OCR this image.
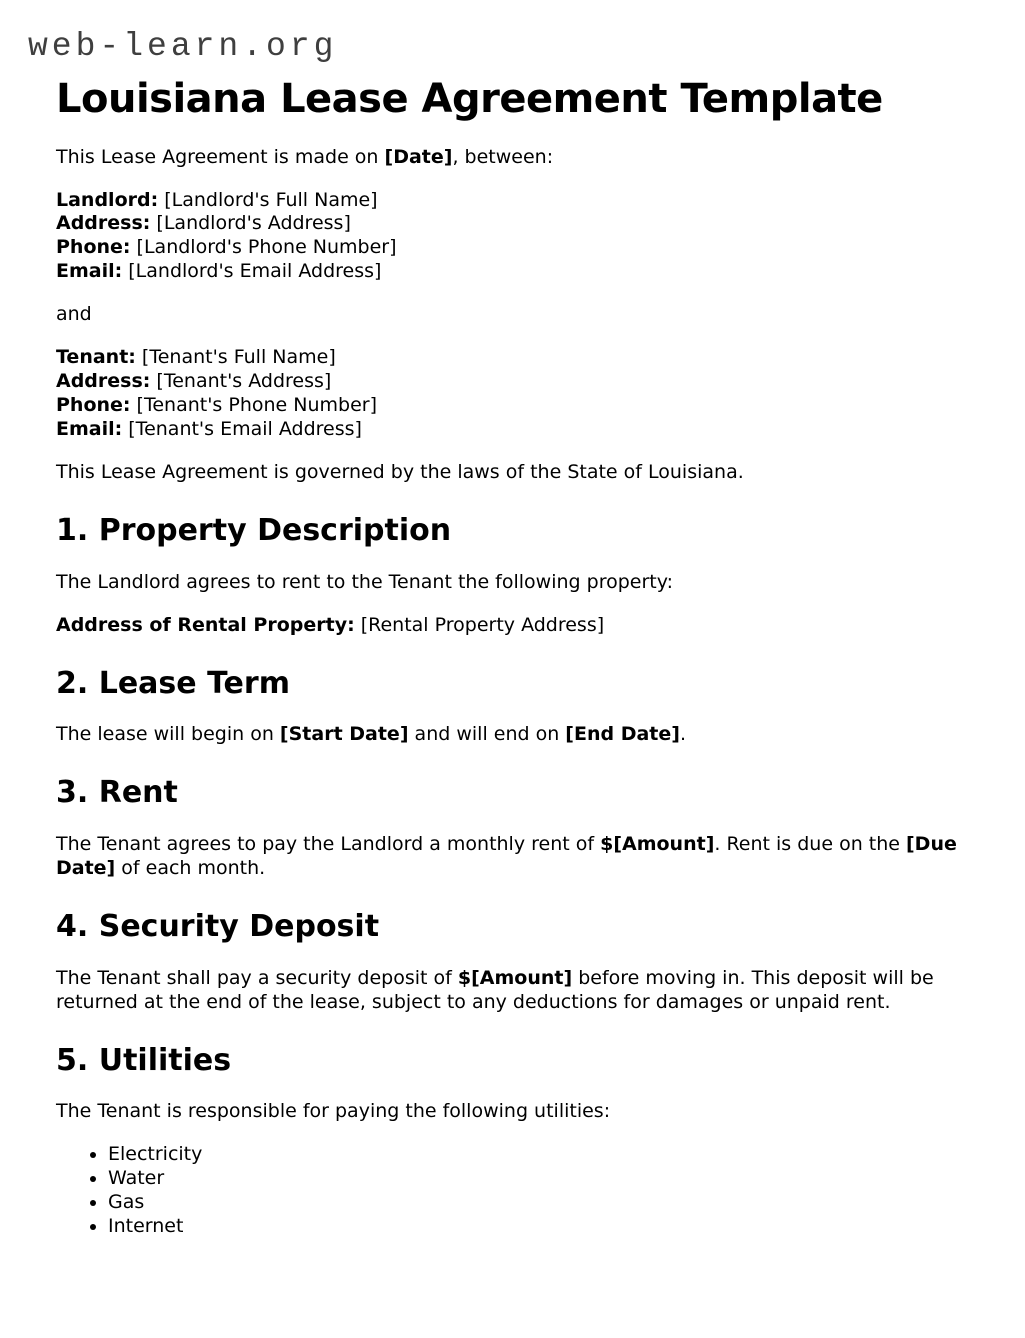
web-learn.org
Louisiana Lease Agreement Template

This Lease Agreement is made on [Date], between:

Landlord: [Landlord's Full Name]
Address: [Landlord's Address]
Phone: [Landlord's Phone Number]
Email: [Landlord's Email Address]

and

Tenant: [Tenant's Full Name]
Address: [Tenant's Address]
Phone: [Tenant's Phone Number]
Email: [Tenant's Email Address]

This Lease Agreement is governed by the laws of the State of Louisiana.

1. Property Description

The Landlord agrees to rent to the Tenant the following property:

Address of Rental Property: [Rental Property Address]

2. Lease Term

The lease will begin on [Start Date] and will end on [End Date].

3. Rent

The Tenant agrees to pay the Landlord a monthly rent of $[Amount]. Rent is due on the [Due Date] of each month.

4. Security Deposit

The Tenant shall pay a security deposit of $[Amount] before moving in. This deposit will be returned at the end of the lease, subject to any deductions for damages or unpaid rent.

5. Utilities

The Tenant is responsible for paying the following utilities:

• Electricity
• Water
• Gas
• Internet
